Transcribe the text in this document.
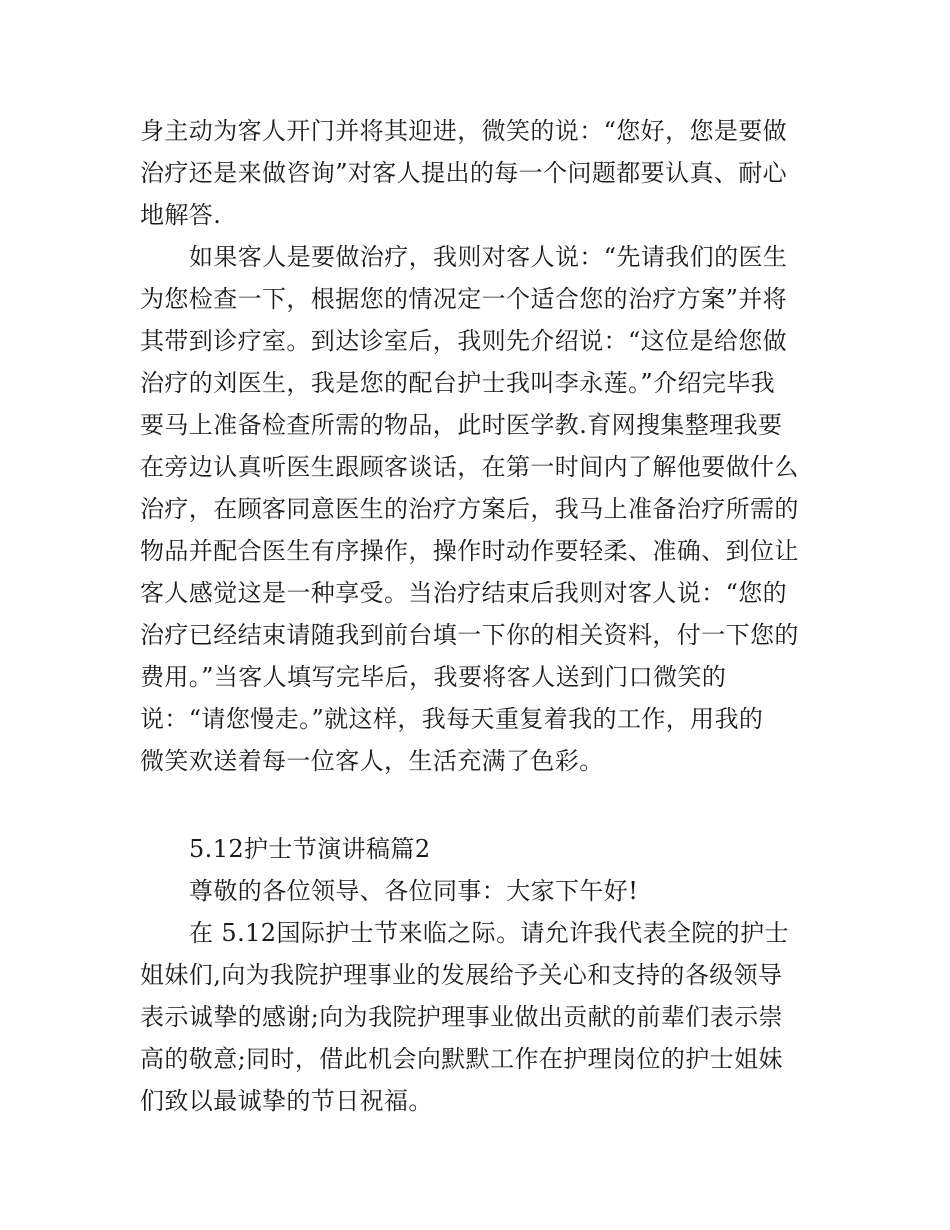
身主动为客人开门并将其迎进，微笑的说：“您好，您是要做
治疗还是来做咨询”对客人提出的每一个问题都要认真、耐心
地解答.
如果客人是要做治疗，我则对客人说：“先请我们的医生
为您检查一下，根据您的情况定一个适合您的治疗方案”并将
其带到诊疗室。到达诊室后，我则先介绍说：“这位是给您做
治疗的刘医生，我是您的配台护士我叫李永莲。”介绍完毕我
要马上准备检查所需的物品，此时医学教.育网搜集整理我要
在旁边认真听医生跟顾客谈话，在第一时间内了解他要做什么
治疗，在顾客同意医生的治疗方案后，我马上准备治疗所需的
物品并配合医生有序操作，操作时动作要轻柔、准确、到位让
客人感觉这是一种享受。当治疗结束后我则对客人说：“您的
治疗已经结束请随我到前台填一下你的相关资料，付一下您的
费用。”当客人填写完毕后，我要将客人送到门口微笑的
说：“请您慢走。”就这样，我每天重复着我的工作，用我的
微笑欢送着每一位客人，生活充满了色彩。
5.12护士节演讲稿篇2
尊敬的各位领导、各位同事：大家下午好!
在 5.12国际护士节来临之际。请允许我代表全院的护士
姐妹们,向为我院护理事业的发展给予关心和支持的各级领导
表示诚挚的感谢;向为我院护理事业做出贡献的前辈们表示崇
高的敬意;同时，借此机会向默默工作在护理岗位的护士姐妹
们致以最诚挚的节日祝福。
